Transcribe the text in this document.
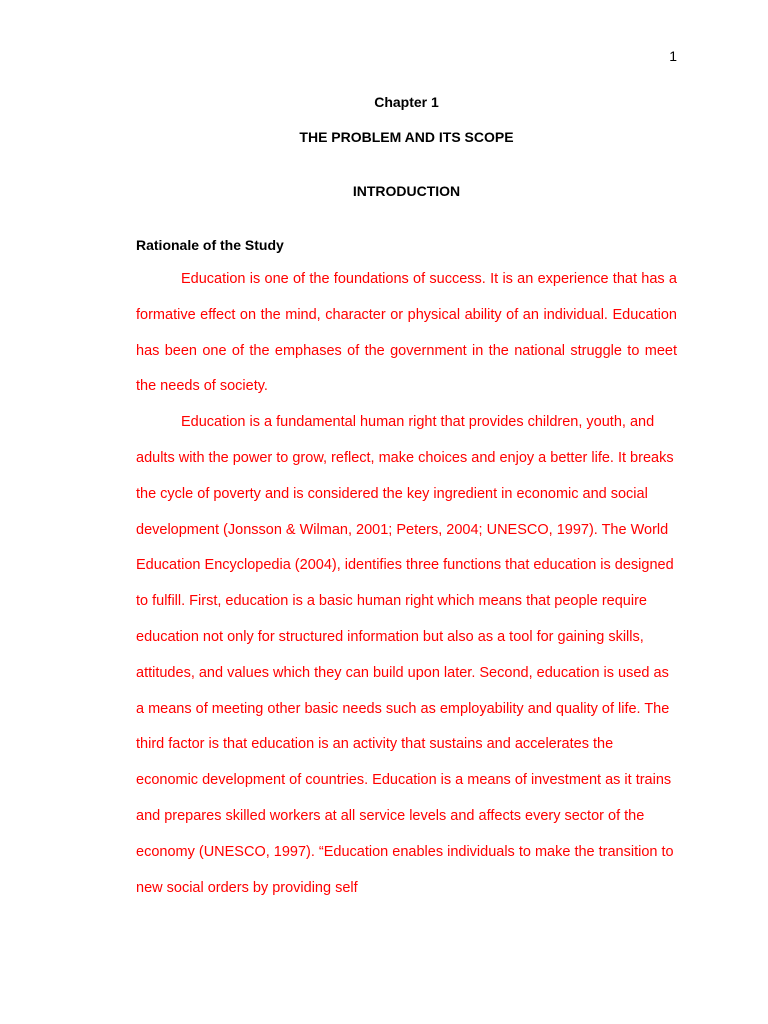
1
Chapter 1
THE PROBLEM AND ITS SCOPE
INTRODUCTION
Rationale of the Study

Education is one of the foundations of success. It is an experience that has a formative effect on the mind, character or physical ability of an individual. Education has been one of the emphases of the government in the national struggle to meet the needs of society.

Education is a fundamental human right that provides children, youth, and adults with the power to grow, reflect, make choices and enjoy a better life. It breaks the cycle of poverty and is considered the key ingredient in economic and social development (Jonsson & Wilman, 2001; Peters, 2004; UNESCO, 1997). The World Education Encyclopedia (2004), identifies three functions that education is designed to fulfill. First, education is a basic human right which means that people require education not only for structured information but also as a tool for gaining skills, attitudes, and values which they can build upon later. Second, education is used as a means of meeting other basic needs such as employability and quality of life. The third factor is that education is an activity that sustains and accelerates the economic development of countries. Education is a means of investment as it trains and prepares skilled workers at all service levels and affects every sector of the economy (UNESCO, 1997). “Education enables individuals to make the transition to new social orders by providing self
